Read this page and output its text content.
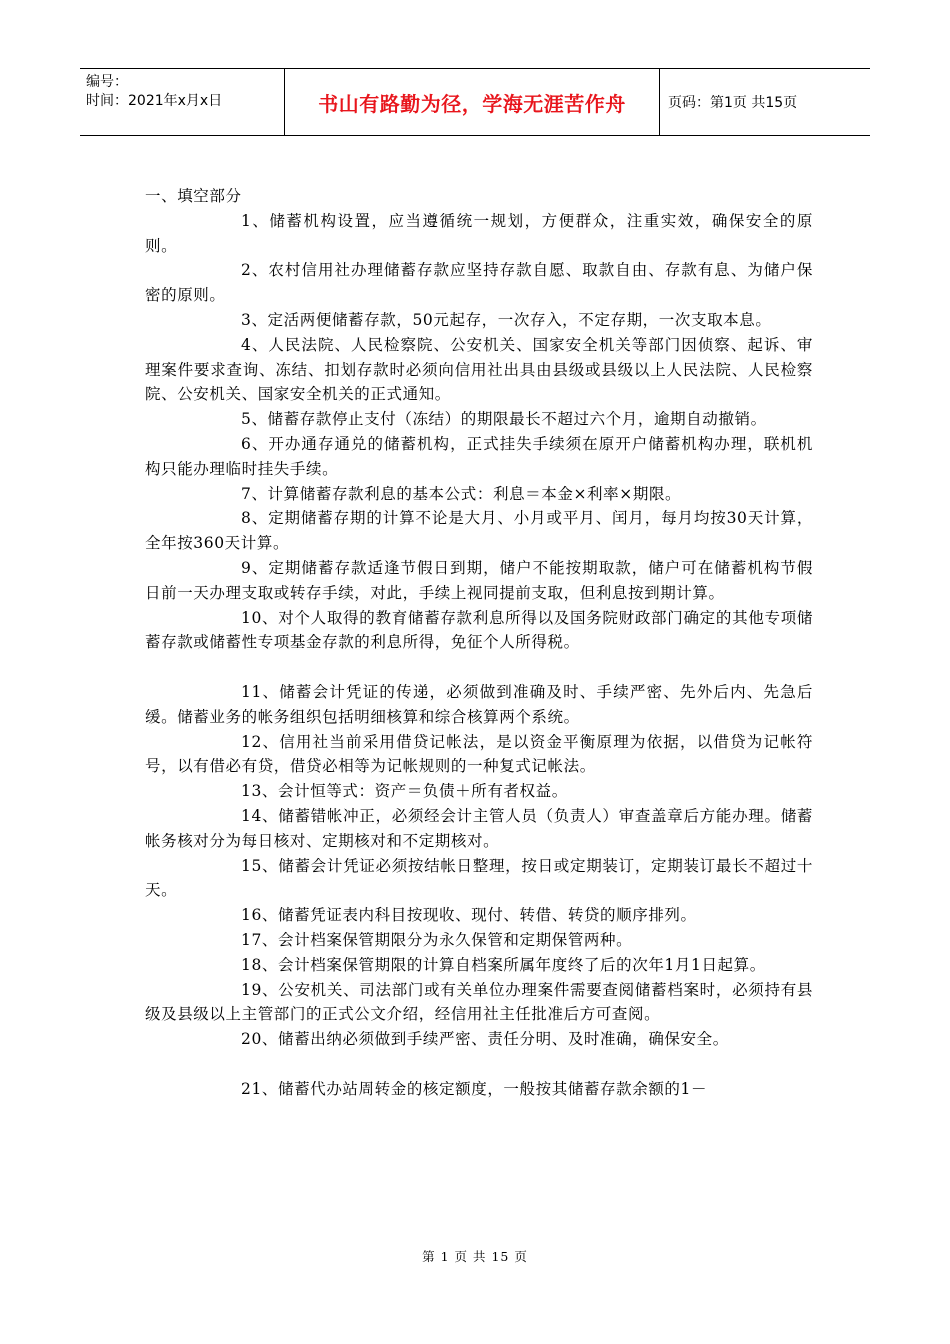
编号：
时间：2021年x月x日	书山有路勤为径，学海无涯苦作舟	页码：第1页 共15页

一、填空部分

1、储蓄机构设置，应当遵循统一规划，方便群众，注重实效，确保安全的原则。

2、农村信用社办理储蓄存款应坚持存款自愿、取款自由、存款有息、为储户保密的原则。

3、定活两便储蓄存款，50元起存，一次存入，不定存期，一次支取本息。

4、人民法院、人民检察院、公安机关、国家安全机关等部门因侦察、起诉、审理案件要求查询、冻结、扣划存款时必须向信用社出具由县级或县级以上人民法院、人民检察院、公安机关、国家安全机关的正式通知。

5、储蓄存款停止支付（冻结）的期限最长不超过六个月，逾期自动撤销。

6、开办通存通兑的储蓄机构，正式挂失手续须在原开户储蓄机构办理，联机机构只能办理临时挂失手续。

7、计算储蓄存款利息的基本公式：利息＝本金×利率×期限。

8、定期储蓄存期的计算不论是大月、小月或平月、闰月，每月均按30天计算，全年按360天计算。

9、定期储蓄存款适逢节假日到期，储户不能按期取款，储户可在储蓄机构节假日前一天办理支取或转存手续，对此，手续上视同提前支取，但利息按到期计算。

10、对个人取得的教育储蓄存款利息所得以及国务院财政部门确定的其他专项储蓄存款或储蓄性专项基金存款的利息所得，免征个人所得税。

11、储蓄会计凭证的传递，必须做到准确及时、手续严密、先外后内、先急后缓。储蓄业务的帐务组织包括明细核算和综合核算两个系统。

12、信用社当前采用借贷记帐法，是以资金平衡原理为依据，以借贷为记帐符号，以有借必有贷，借贷必相等为记帐规则的一种复式记帐法。

13、会计恒等式：资产＝负债＋所有者权益。

14、储蓄错帐冲正，必须经会计主管人员（负责人）审查盖章后方能办理。储蓄帐务核对分为每日核对、定期核对和不定期核对。

15、储蓄会计凭证必须按结帐日整理，按日或定期装订，定期装订最长不超过十天。

16、储蓄凭证表内科目按现收、现付、转借、转贷的顺序排列。

17、会计档案保管期限分为永久保管和定期保管两种。

18、会计档案保管期限的计算自档案所属年度终了后的次年1月1日起算。

19、公安机关、司法部门或有关单位办理案件需要查阅储蓄档案时，必须持有县级及县级以上主管部门的正式公文介绍，经信用社主任批准后方可查阅。

20、储蓄出纳必须做到手续严密、责任分明、及时准确，确保安全。

21、储蓄代办站周转金的核定额度，一般按其储蓄存款余额的1－

第 1 页 共 15 页
